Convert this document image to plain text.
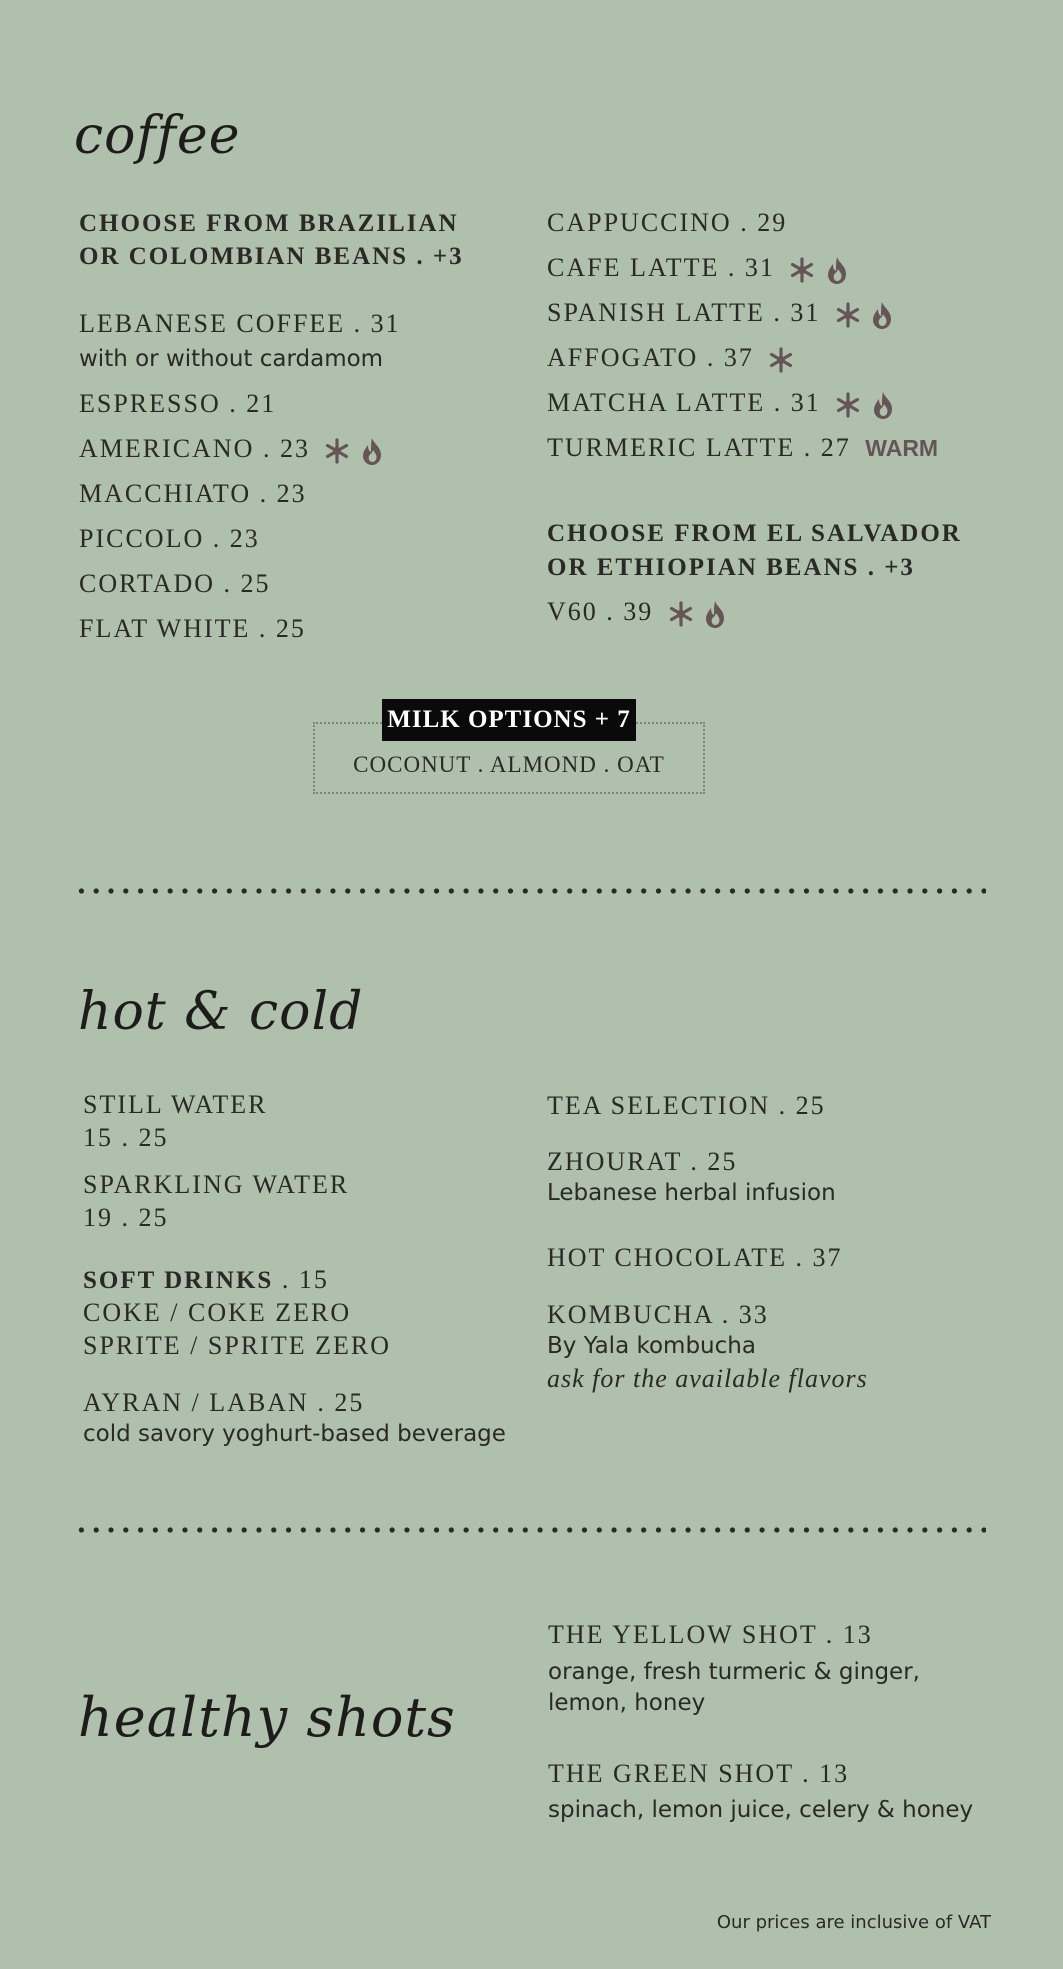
coffee
CHOOSE FROM BRAZILIAN
OR COLOMBIAN BEANS . +3
LEBANESE COFFEE . 31
with or without cardamom
ESPRESSO . 21
AMERICANO . 23
MACCHIATO . 23
PICCOLO . 23
CORTADO . 25
FLAT WHITE . 25
CAPPUCCINO . 29
CAFE LATTE . 31
SPANISH LATTE . 31
AFFOGATO . 37
MATCHA LATTE . 31
TURMERIC LATTE . 27 WARM
CHOOSE FROM EL SALVADOR
OR ETHIOPIAN BEANS . +3
V60 . 39
MILK OPTIONS + 7
COCONUT . ALMOND . OAT
hot & cold
STILL WATER
15 . 25
SPARKLING WATER
19 . 25
SOFT DRINKS . 15
COKE / COKE ZERO
SPRITE / SPRITE ZERO
AYRAN / LABAN . 25
cold savory yoghurt-based beverage
TEA SELECTION . 25
ZHOURAT . 25
Lebanese herbal infusion
HOT CHOCOLATE . 37
KOMBUCHA . 33
By Yala kombucha
ask for the available flavors
healthy shots
THE YELLOW SHOT . 13
orange, fresh turmeric & ginger,
lemon, honey
THE GREEN SHOT . 13
spinach, lemon juice, celery & honey
Our prices are inclusive of VAT
